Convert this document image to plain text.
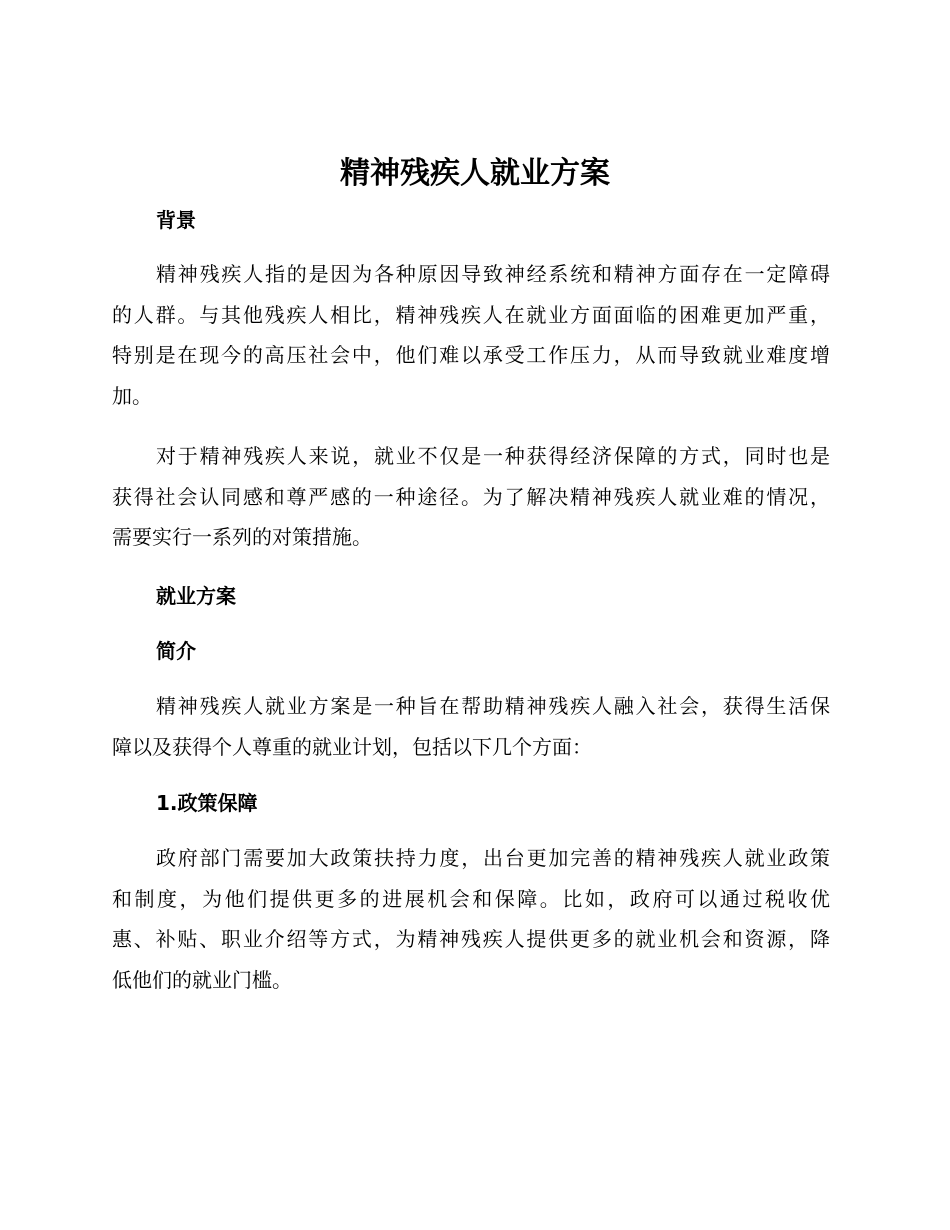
精神残疾人就业方案
背景
精神残疾人指的是因为各种原因导致神经系统和精神方面存在一定障碍
的人群。与其他残疾人相比，精神残疾人在就业方面面临的困难更加严重，
特别是在现今的高压社会中，他们难以承受工作压力，从而导致就业难度增
加。
对于精神残疾人来说，就业不仅是一种获得经济保障的方式，同时也是
获得社会认同感和尊严感的一种途径。为了解决精神残疾人就业难的情况，
需要实行一系列的对策措施。
就业方案
简介
精神残疾人就业方案是一种旨在帮助精神残疾人融入社会，获得生活保
障以及获得个人尊重的就业计划，包括以下几个方面：
1.政策保障
政府部门需要加大政策扶持力度，出台更加完善的精神残疾人就业政策
和制度，为他们提供更多的进展机会和保障。比如，政府可以通过税收优
惠、补贴、职业介绍等方式，为精神残疾人提供更多的就业机会和资源，降
低他们的就业门槛。
